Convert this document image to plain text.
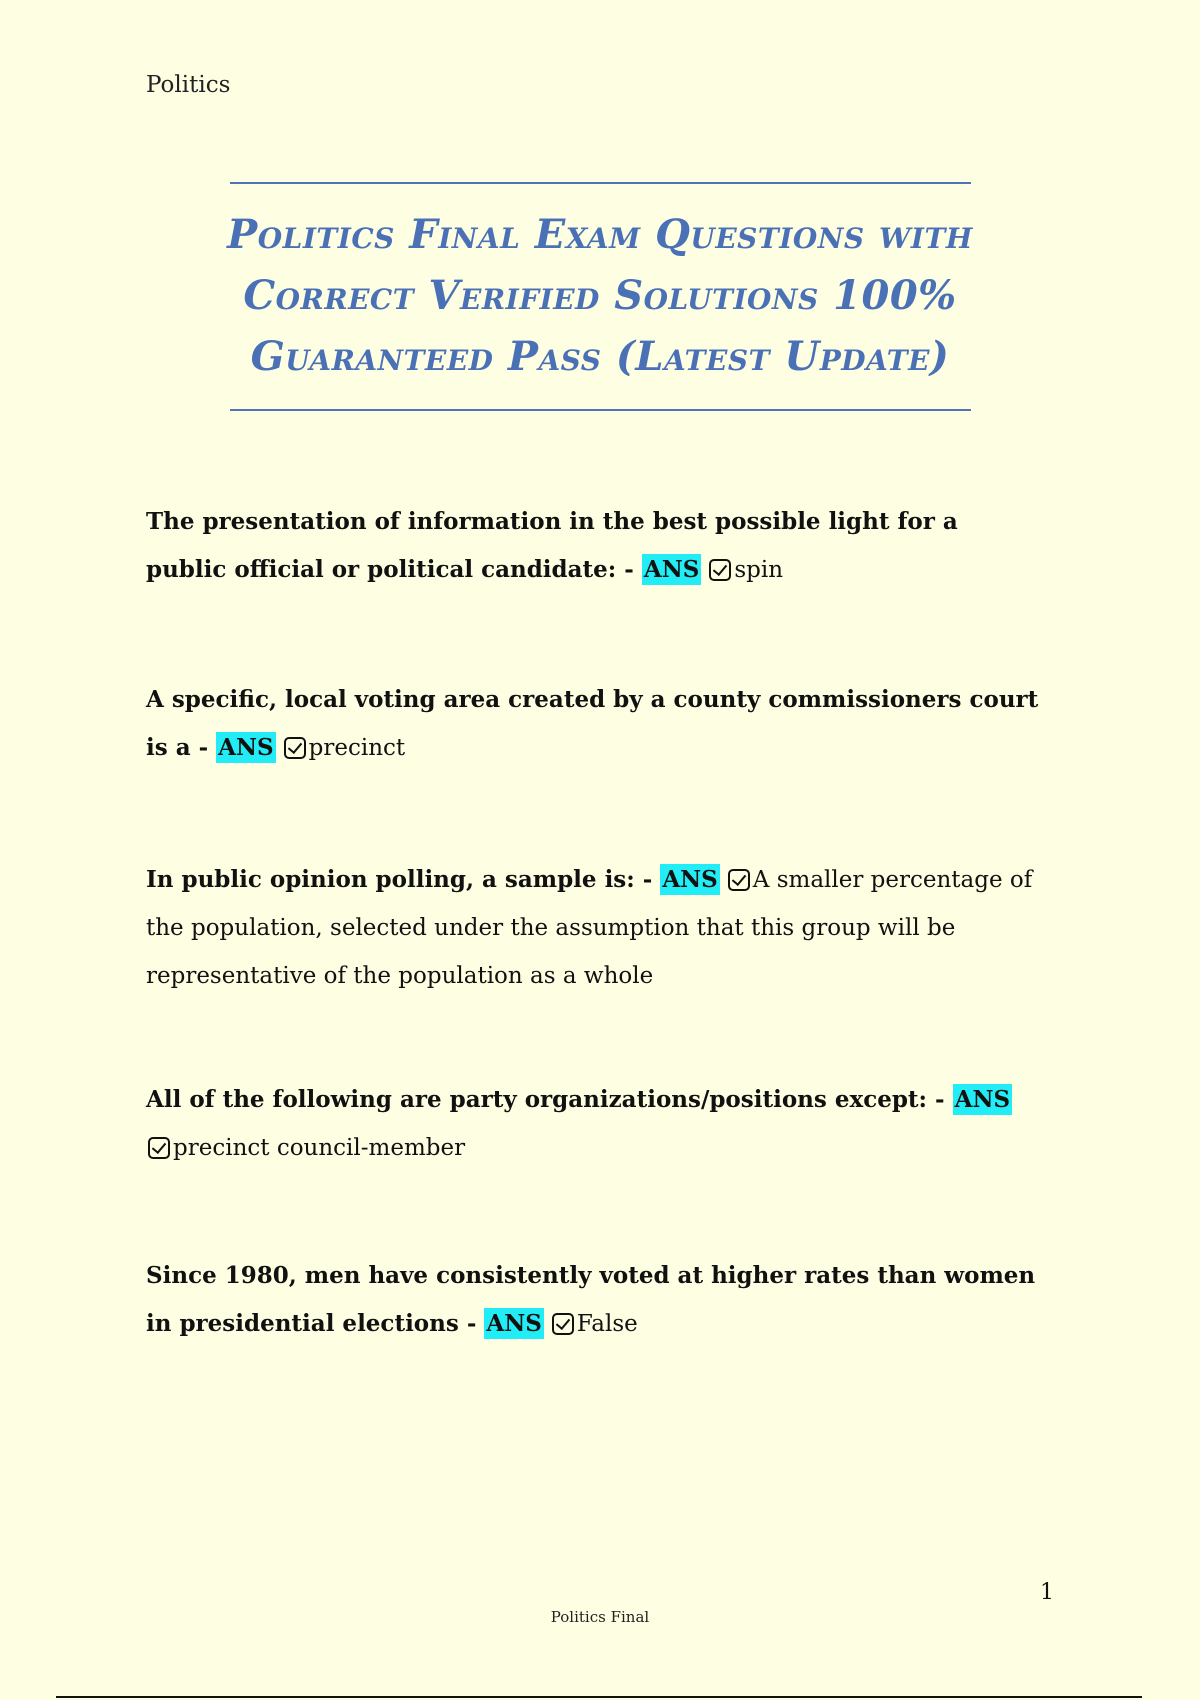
Politics
Politics Final Exam Questions with Correct Verified Solutions 100% Guaranteed Pass (Latest Update)

The presentation of information in the best possible light for a public official or political candidate: - ANS spin

A specific, local voting area created by a county commissioners court is a - ANS precinct

In public opinion polling, a sample is: - ANS A smaller percentage of the population, selected under the assumption that this group will be representative of the population as a whole

All of the following are party organizations/positions except: - ANS
precinct council-member

Since 1980, men have consistently voted at higher rates than women in presidential elections - ANS False

1
Politics Final
